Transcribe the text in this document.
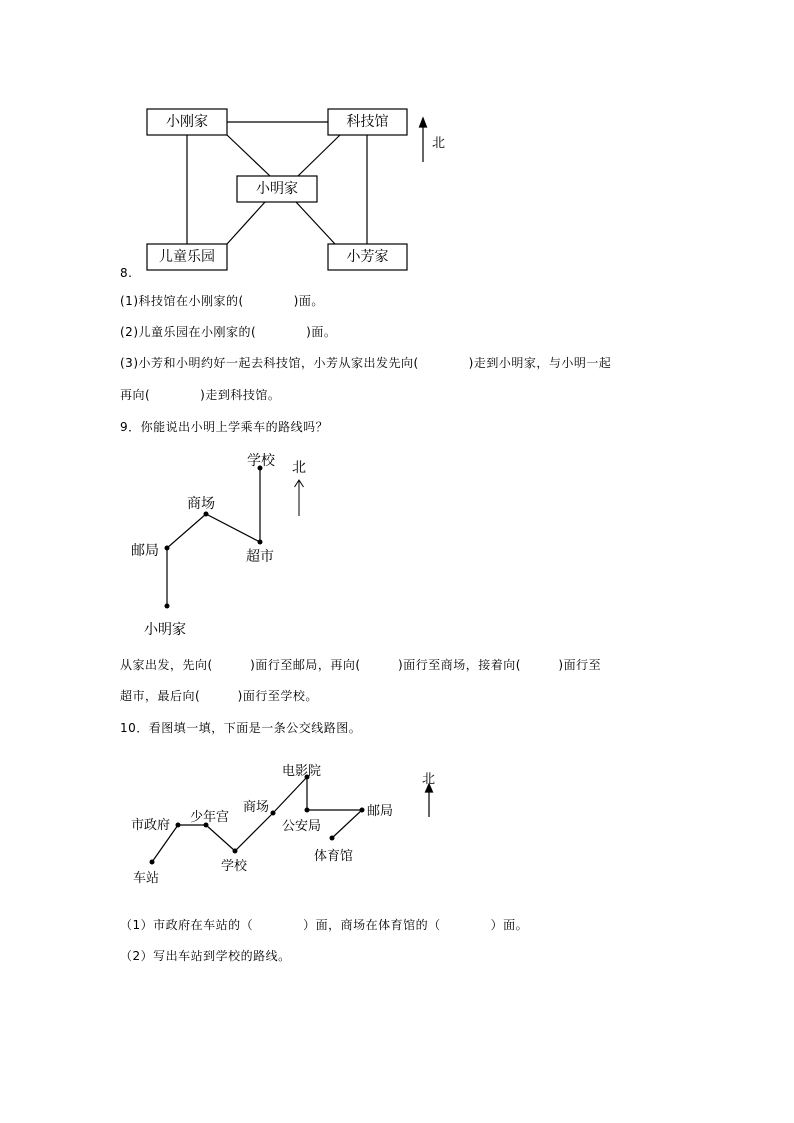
小刚家	科技馆
小明家
儿童乐园	小芳家
北
8.
(1)科技馆在小刚家的(　　　　)面。
(2)儿童乐园在小刚家的(　　　　)面。
(3)小芳和小明约好一起去科技馆，小芳从家出发先向(　　　　)走到小明家，与小明一起
再向(　　　　)走到科技馆。
9．你能说出小明上学乘车的路线吗？
学校
商场
邮局	超市
小明家
北
从家出发，先向(　　　)面行至邮局，再向(　　　)面行至商场，接着向(　　　)面行至
超市，最后向(　　　)面行至学校。
10．看图填一填，下面是一条公交线路图。
电影院
少年宫
市政府
商场	邮局
公安局
学校
体育馆
车站
北
（1）市政府在车站的（　　　　）面，商场在体育馆的（　　　　）面。
（2）写出车站到学校的路线。
